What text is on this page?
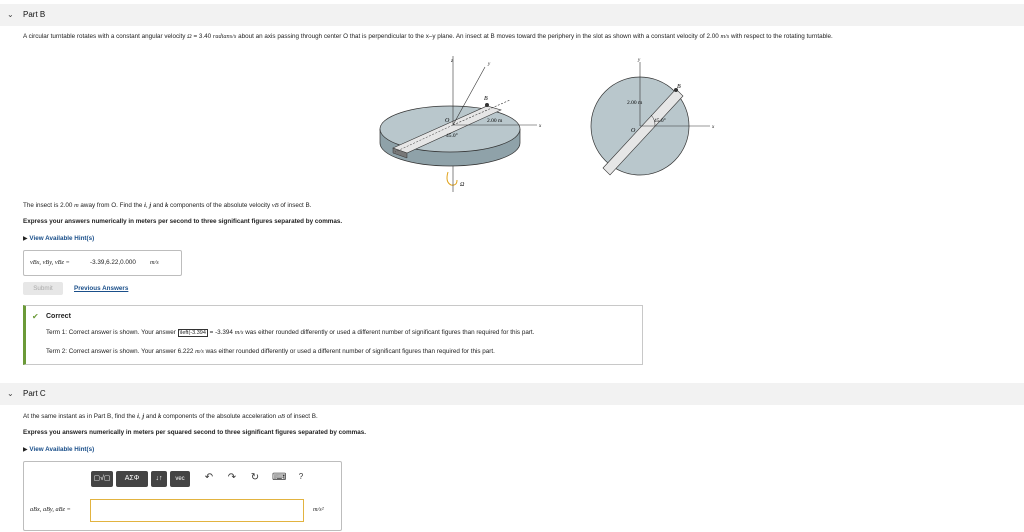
⌄ Part B
A circular turntable rotates with a constant angular velocity Ω = 3.40 radians/s about an axis passing through center O that is perpendicular to the x–y plane. An insect at B moves toward the periphery in the slot as shown with a constant velocity of 2.00 m/s with respect to the rotating turntable.
z
y
x
O
B
2.00 m
45.0°
Ω
y
x
O
B
2.00 m
45.0°
The insect is 2.00 m away from O. Find the i, j and k components of the absolute velocity vB of insect B.
Express your answers numerically in meters per second to three significant figures separated by commas.
▶ View Available Hint(s)
vBx, vBy, vBz =	-3.39,6.22,0.000 m/s
Submit	Previous Answers
✔ Correct
Term 1: Correct answer is shown. Your answer \left(-3.394 = -3.394 m/s was either rounded differently or used a different number of significant figures than required for this part.
Term 2: Correct answer is shown. Your answer 6.222 m/s was either rounded differently or used a different number of significant figures than required for this part.
⌄ Part C
At the same instant as in Part B, find the i, j and k components of the absolute acceleration aB of insect B.
Express you answers numerically in meters per squared second to three significant figures separated by commas.
▶ View Available Hint(s)
▢√▢	ΑΣΦ	↓↑	vec	↶ ↷ ↻ ⌨	?
aBx, aBy, aBz =	m/s²
